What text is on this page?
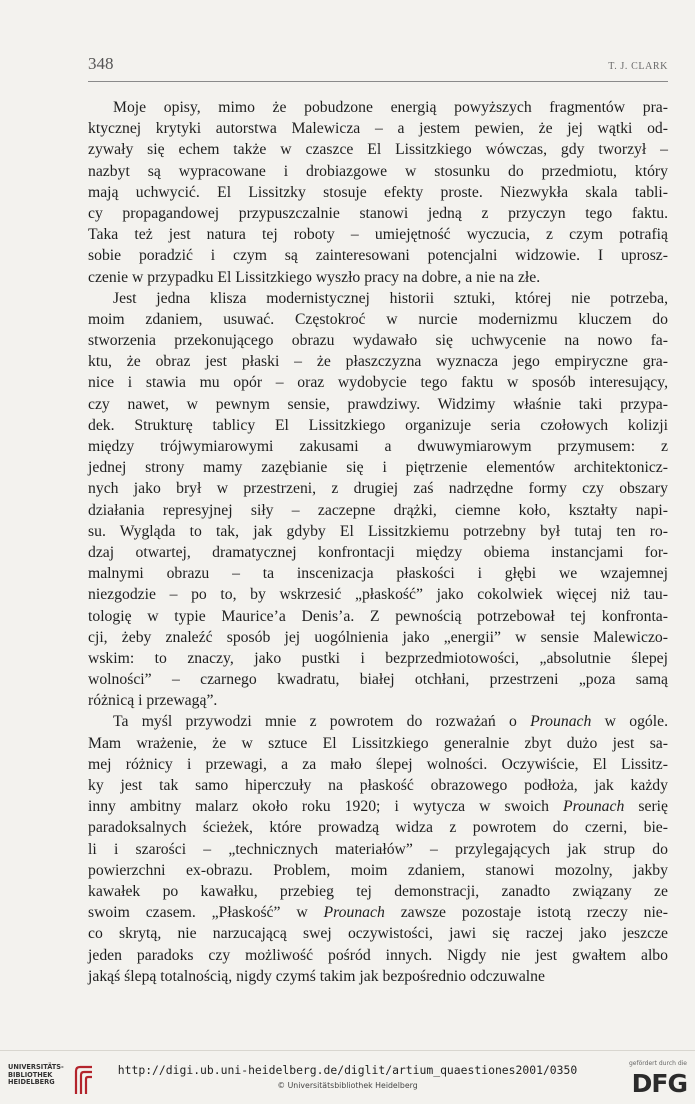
348	T. J. CLARK

Moje opisy, mimo że pobudzone energią powyższych fragmentów pra-
ktycznej krytyki autorstwa Malewicza – a jestem pewien, że jej wątki od-
zywały się echem także w czaszce El Lissitzkiego wówczas, gdy tworzył –
nazbyt są wypracowane i drobiazgowe w stosunku do przedmiotu, który
mają uchwycić. El Lissitzky stosuje efekty proste. Niezwykła skala tabli-
cy propagandowej przypuszczalnie stanowi jedną z przyczyn tego faktu.
Taka też jest natura tej roboty – umiejętność wyczucia, z czym potrafią
sobie poradzić i czym są zainteresowani potencjalni widzowie. I uprosz-
czenie w przypadku El Lissitzkiego wyszło pracy na dobre, a nie na złe.

Jest jedna klisza modernistycznej historii sztuki, której nie potrzeba,
moim zdaniem, usuwać. Częstokroć w nurcie modernizmu kluczem do
stworzenia przekonującego obrazu wydawało się uchwycenie na nowo fa-
ktu, że obraz jest płaski – że płaszczyzna wyznacza jego empiryczne gra-
nice i stawia mu opór – oraz wydobycie tego faktu w sposób interesujący,
czy nawet, w pewnym sensie, prawdziwy. Widzimy właśnie taki przypa-
dek. Strukturę tablicy El Lissitzkiego organizuje seria czołowych kolizji
między trójwymiarowymi zakusami a dwuwymiarowym przymusem: z
jednej strony mamy zazębianie się i piętrzenie elementów architektonicz-
nych jako brył w przestrzeni, z drugiej zaś nadrzędne formy czy obszary
działania represyjnej siły – zaczepne drążki, ciemne koło, kształty napi-
su. Wygląda to tak, jak gdyby El Lissitzkiemu potrzebny był tutaj ten ro-
dzaj otwartej, dramatycznej konfrontacji między obiema instancjami for-
malnymi obrazu – ta inscenizacja płaskości i głębi we wzajemnej
niezgodzie – po to, by wskrzesić „płaskość” jako cokolwiek więcej niż tau-
tologię w typie Maurice’a Denis’a. Z pewnością potrzebował tej konfronta-
cji, żeby znaleźć sposób jej uogólnienia jako „energii” w sensie Malewiczo-
wskim: to znaczy, jako pustki i bezprzedmiotowości, „absolutnie ślepej
wolności” – czarnego kwadratu, białej otchłani, przestrzeni „poza samą
różnicą i przewagą”.

Ta myśl przywodzi mnie z powrotem do rozważań o Prounach w ogóle.
Mam wrażenie, że w sztuce El Lissitzkiego generalnie zbyt dużo jest sa-
mej różnicy i przewagi, a za mało ślepej wolności. Oczywiście, El Lissitz-
ky jest tak samo hiperczuły na płaskość obrazowego podłoża, jak każdy
inny ambitny malarz około roku 1920; i wytycza w swoich Prounach serię
paradoksalnych ścieżek, które prowadzą widza z powrotem do czerni, bie-
li i szarości – „technicznych materiałów” – przylegających jak strup do
powierzchni ex-obrazu. Problem, moim zdaniem, stanowi mozolny, jakby
kawałek po kawałku, przebieg tej demonstracji, zanadto związany ze
swoim czasem. „Płaskość” w Prounach zawsze pozostaje istotą rzeczy nie-
co skrytą, nie narzucającą swej oczywistości, jawi się raczej jako jeszcze
jeden paradoks czy możliwość pośród innych. Nigdy nie jest gwałtem albo
jakąś ślepą totalnością, nigdy czymś takim jak bezpośrednio odczuwalne

UNIVERSITÄTS-
BIBLIOTHEK
HEIDELBERG
http://digi.ub.uni-heidelberg.de/diglit/artium_quaestiones2001/0350
© Universitätsbibliothek Heidelberg
gefördert durch die
DFG
